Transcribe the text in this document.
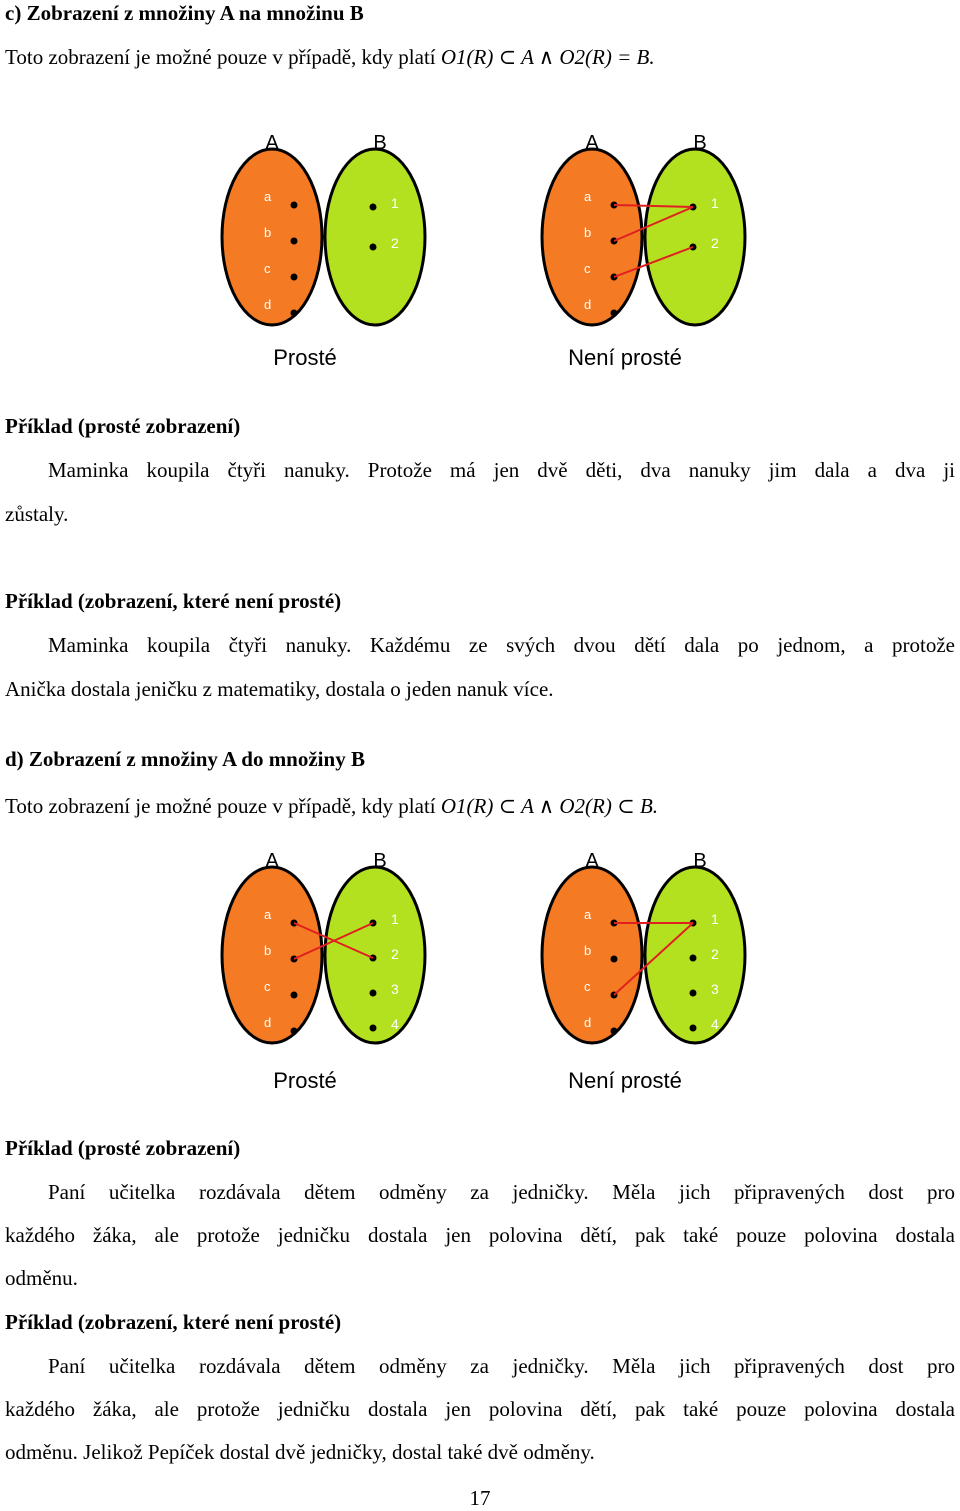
c) Zobrazení z množiny A na množinu B
Toto zobrazení je možné pouze v případě, kdy platí O1(R) ⊂ A ∧ O2(R) = B.
A	B
a
b
c
d
1
2
Prosté
A	B
a
b
c
d
1
2
Není prosté
Příklad (prosté zobrazení)
Maminka koupila čtyři nanuky. Protože má jen dvě děti, dva nanuky jim dala a dva ji
zůstaly.
Příklad (zobrazení, které není prosté)
Maminka koupila čtyři nanuky. Každému ze svých dvou dětí dala po jednom, a protože
Anička dostala jeničku z matematiky, dostala o jeden nanuk více.
d) Zobrazení z množiny A do množiny B
Toto zobrazení je možné pouze v případě, kdy platí O1(R) ⊂ A ∧ O2(R) ⊂ B.
A	B
a
b
c
d
1
2
3
4
Prosté
A	B
a
b
c
d
1
2
3
4
Není prosté
Příklad (prosté zobrazení)
Paní učitelka rozdávala dětem odměny za jedničky. Měla jich připravených dost pro
každého žáka, ale protože jedničku dostala jen polovina dětí, pak také pouze polovina dostala
odměnu.
Příklad (zobrazení, které není prosté)
Paní učitelka rozdávala dětem odměny za jedničky. Měla jich připravených dost pro
každého žáka, ale protože jedničku dostala jen polovina dětí, pak také pouze polovina dostala
odměnu. Jelikož Pepíček dostal dvě jedničky, dostal také dvě odměny.
17
